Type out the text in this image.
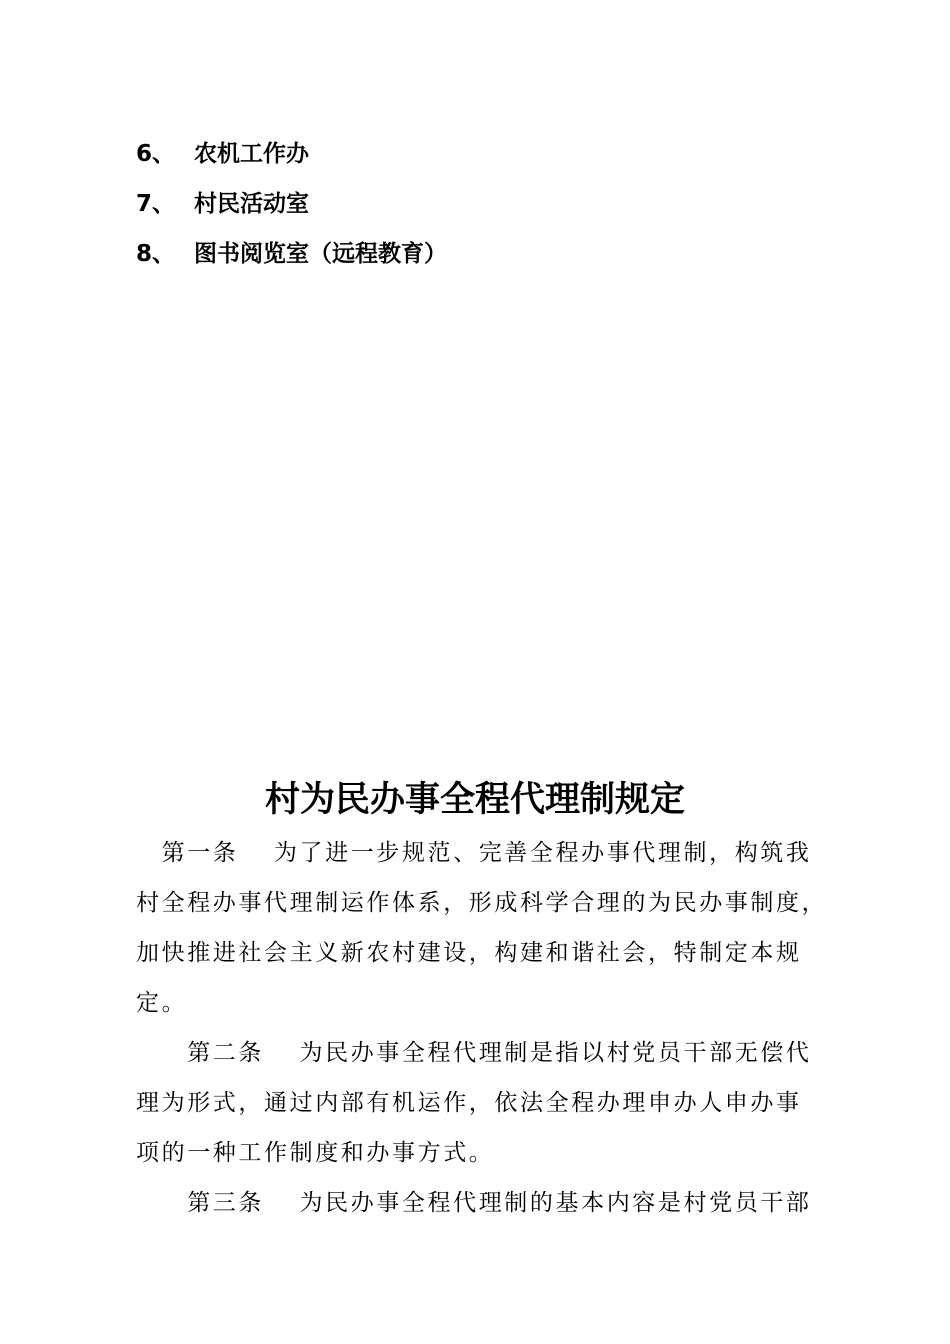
6、 农机工作办
7、 村民活动室
8、 图书阅览室（远程教育）
村为民办事全程代理制规定
　第一条　 为了进一步规范、完善全程办事代理制，构筑我
村全程办事代理制运作体系，形成科学合理的为民办事制度，
加快推进社会主义新农村建设，构建和谐社会，特制定本规
定。
　　第二条　 为民办事全程代理制是指以村党员干部无偿代
理为形式，通过内部有机运作，依法全程办理申办人申办事
项的一种工作制度和办事方式。
　　第三条　 为民办事全程代理制的基本内容是村党员干部
